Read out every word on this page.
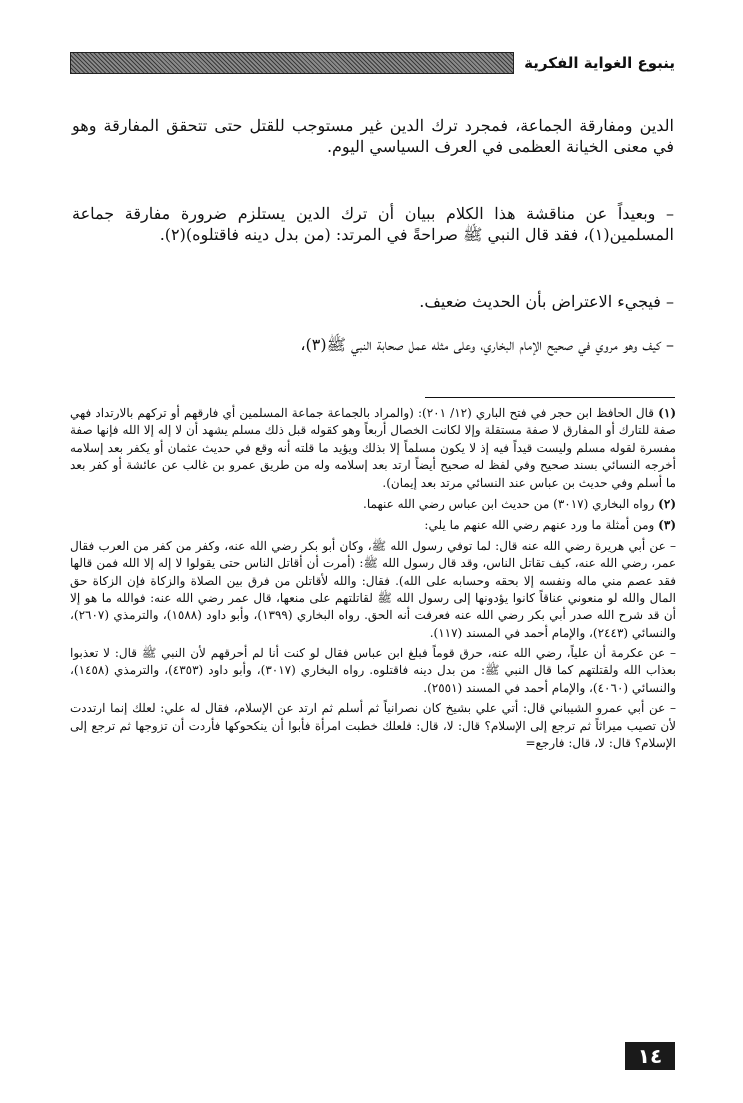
ينبوع الغواية الفكرية

الدين ومفارقة الجماعة، فمجرد ترك الدين غير مستوجب للقتل حتى تتحقق المفارقة وهو في معنى الخيانة العظمى في العرف السياسي اليوم.

– وبعيداً عن مناقشة هذا الكلام ببيان أن ترك الدين يستلزم ضرورة مفارقة جماعة المسلمين(١)، فقد قال النبي ﷺ صراحةً في المرتد: (من بدل دينه فاقتلوه)(٢).

– فيجيء الاعتراض بأن الحديث ضعيف.

– كيف وهو مروي في صحيح الإمام البخاري، وعلى مثله عمل صحابة النبي ﷺ(٣)،

(١) قال الحافظ ابن حجر في فتح الباري (١٢/ ٢٠١): (والمراد بالجماعة جماعة المسلمين أي فارقهم أو تركهم بالارتداد فهي صفة للتارك أو المفارق لا صفة مستقلة وإلا لكانت الخصال أربعاً وهو كقوله قبل ذلك مسلم يشهد أن لا إله إلا الله فإنها صفة مفسرة لقوله مسلم وليست قيداً فيه إذ لا يكون مسلماً إلا بذلك ويؤيد ما قلته أنه وقع في حديث عثمان أو يكفر بعد إسلامه أخرجه النسائي بسند صحيح وفي لفظ له صحيح أيضاً ارتد بعد إسلامه وله من طريق عمرو بن غالب عن عائشة أو كفر بعد ما أسلم وفي حديث بن عباس عند النسائي مرتد بعد إيمان).
(٢) رواه البخاري (٣٠١٧) من حديث ابن عباس رضي الله عنهما.
(٣) ومن أمثلة ما ورد عنهم رضي الله عنهم ما يلي:

– عن أبي هريرة رضي الله عنه قال: لما توفي رسول الله ﷺ، وكان أبو بكر رضي الله عنه، وكفر من كفر من العرب فقال عمر، رضي الله عنه، كيف تقاتل الناس، وقد قال رسول الله ﷺ: (أمرت أن أقاتل الناس حتى يقولوا لا إله إلا الله فمن قالها فقد عصم مني ماله ونفسه إلا بحقه وحسابه على الله). فقال: والله لأقاتلن من فرق بين الصلاة والزكاة فإن الزكاة حق المال والله لو منعوني عناقاً كانوا يؤدونها إلى رسول الله ﷺ لقاتلتهم على منعها، قال عمر رضي الله عنه: فوالله ما هو إلا أن قد شرح الله صدر أبي بكر رضي الله عنه فعرفت أنه الحق. رواه البخاري (١٣٩٩)، وأبو داود (١٥٨٨)، والترمذي (٢٦٠٧)، والنسائي (٢٤٤٣)، والإمام أحمد في المسند (١١٧).

– عن عكرمة أن علياً، رضي الله عنه، حرق قوماً فبلغ ابن عباس فقال لو كنت أنا لم أحرقهم لأن النبي ﷺ قال: لا تعذبوا بعذاب الله ولقتلتهم كما قال النبي ﷺ: من بدل دينه فاقتلوه. رواه البخاري (٣٠١٧)، وأبو داود (٤٣٥٣)، والترمذي (١٤٥٨)، والنسائي (٤٠٦٠)، والإمام أحمد في المسند (٢٥٥١).

– عن أبي عمرو الشيباني قال: أتي علي بشيخ كان نصرانياً ثم أسلم ثم ارتد عن الإسلام، فقال له علي: لعلك إنما ارتددت لأن تصيب ميراثاً ثم ترجع إلى الإسلام؟ قال: لا، قال: فلعلك خطبت امرأة فأبوا أن ينكحوكها فأردت أن تزوجها ثم ترجع إلى الإسلام؟ قال: لا، قال: فارجع=

١٤
